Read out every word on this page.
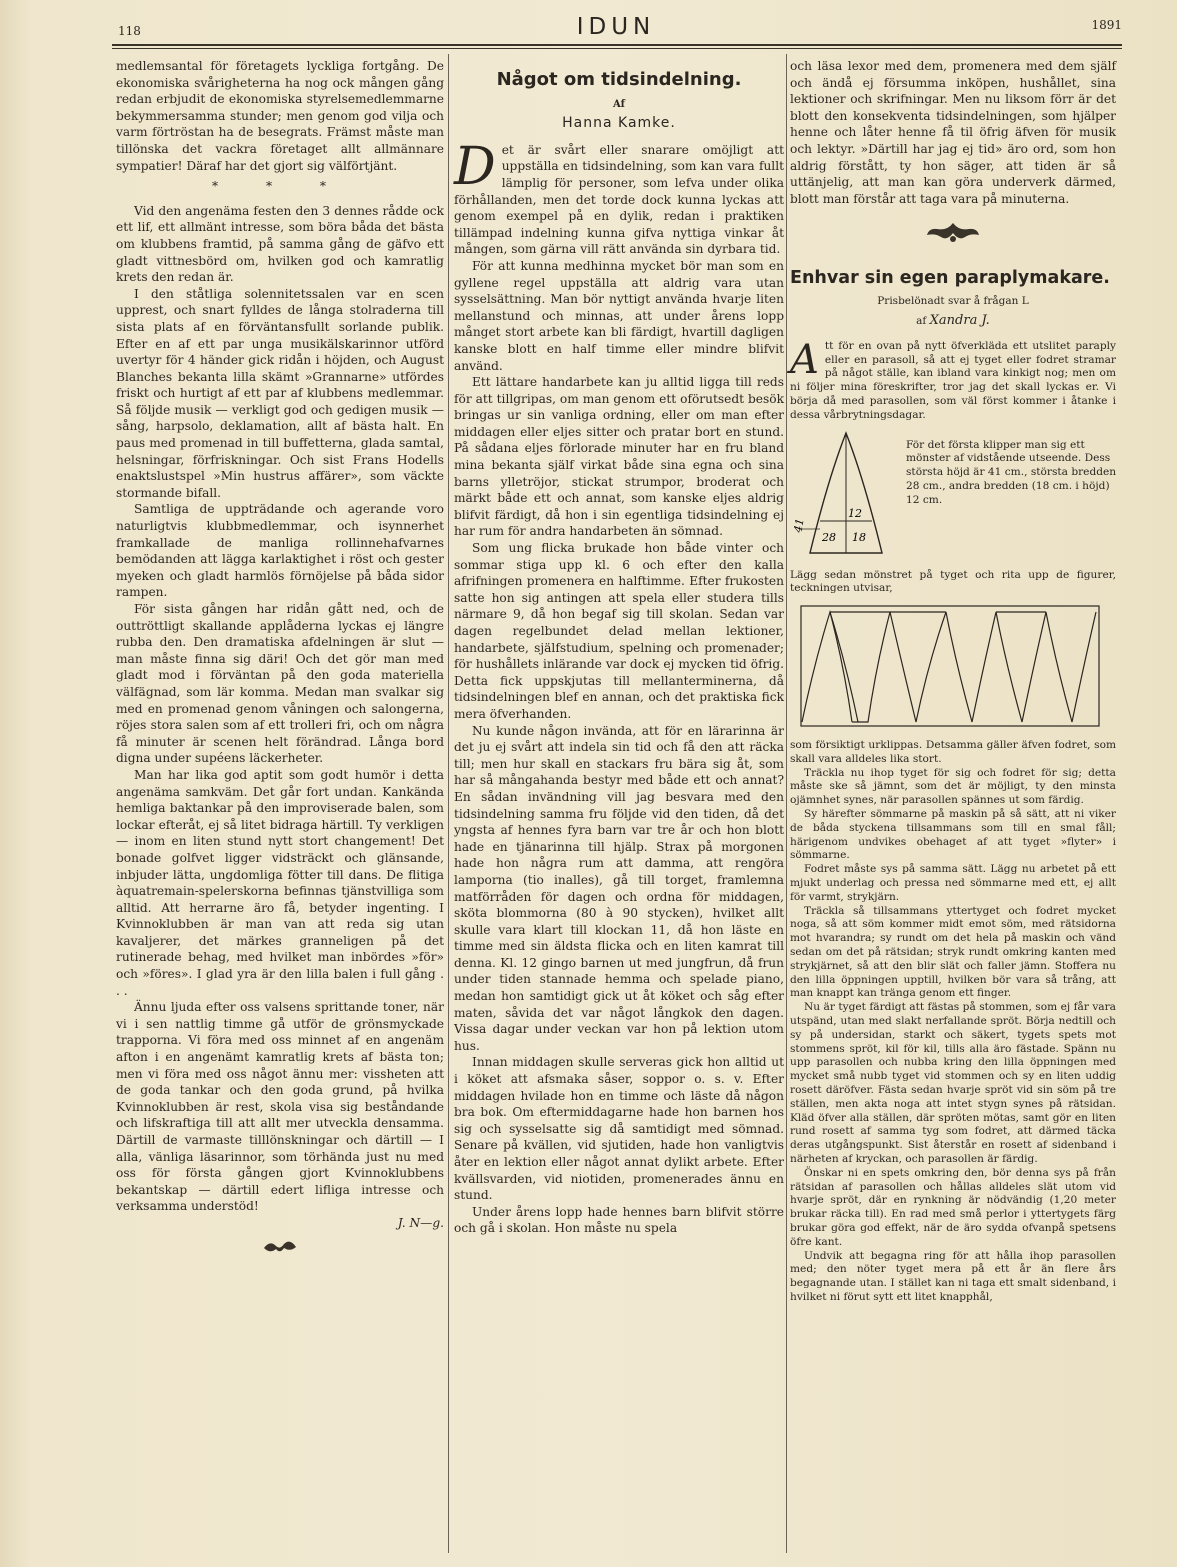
118	IDUN	1891

medlemsantal för företagets lyckliga fortgång. De ekonomiska svårigheterna ha nog ock mången gång redan erbjudit de ekonomiska styrelsemedlemmarne bekymmersamma stunder; men genom god vilja och varm förtröstan ha de besegrats. Främst måste man tillönska det vackra företaget allt allmännare sympatier! Däraf har det gjort sig välförtjänt.

* * *

Vid den angenäma festen den 3 dennes rådde ock ett lif, ett allmänt intresse, som böra båda det bästa om klubbens framtid, på samma gång de gäfvo ett gladt vittnesbörd om, hvilken god och kamratlig krets den redan är.

I den ståtliga solennitetssalen var en scen upprest, och snart fylldes de långa stolraderna till sista plats af en förväntansfullt sorlande publik. Efter en af ett par unga musikälskarinnor utförd uvertyr för 4 händer gick ridån i höjden, och August Blanches bekanta lilla skämt »Grannarne» utfördes friskt och hurtigt af ett par af klubbens medlemmar. Så följde musik — verkligt god och gedigen musik — sång, harpsolo, deklamation, allt af bästa halt. En paus med promenad in till buffetterna, glada samtal, helsningar, förfriskningar. Och sist Frans Hodells enaktslustspel »Min hustrus affärer», som väckte stormande bifall.

Samtliga de uppträdande och agerande voro naturligtvis klubbmedlemmar, och isynnerhet framkallade de manliga rollinnehafvarnes bemödanden att lägga karlaktighet i röst och gester myeken och gladt harmlös förnöjelse på båda sidor rampen.

För sista gången har ridån gått ned, och de outtröttligt skallande applåderna lyckas ej längre rubba den. Den dramatiska afdelningen är slut — man måste finna sig däri! Och det gör man med gladt mod i förväntan på den goda materiella välfägnad, som lär komma. Medan man svalkar sig med en promenad genom våningen och salongerna, röjes stora salen som af ett trolleri fri, och om några få minuter är scenen helt förändrad. Långa bord digna under supéens läckerheter.

Man har lika god aptit som godt humör i detta angenäma samkväm. Det går fort undan. Kankända hemliga baktankar på den improviserade balen, som lockar efteråt, ej så litet bidraga härtill. Ty verkligen — inom en liten stund nytt stort changement! Det bonade golfvet ligger vidsträckt och glänsande, inbjuder lätta, ungdomliga fötter till dans. De flitiga àquatremain-spelerskorna befinnas tjänstvilliga som alltid. Att herrarne äro få, betyder ingenting. I Kvinnoklubben är man van att reda sig utan kavaljerer, det märkes granneligen på det rutinerade behag, med hvilket man inbördes »för» och »föres». I glad yra är den lilla balen i full gång . . .

Ännu ljuda efter oss valsens sprittande toner, när vi i sen nattlig timme gå utför de grönsmyckade trapporna. Vi föra med oss minnet af en angenäm afton i en angenämt kamratlig krets af bästa ton; men vi föra med oss något ännu mer: vissheten att de goda tankar och den goda grund, på hvilka Kvinnoklubben är rest, skola visa sig beståndande och lifskraftiga till att allt mer utveckla densamma. Därtill de varmaste tilllönskningar och därtill — I alla, vänliga läsarinnor, som törhända just nu med oss för första gången gjort Kvinnoklubbens bekantskap — därtill edert lifliga intresse och verksamma understöd!

J. N—g.
Något om tidsindelning.
Af
Hanna Kamke.

Det är svårt eller snarare omöjligt att uppställa en tidsindelning, som kan vara fullt lämplig för personer, som lefva under olika förhållanden, men det torde dock kunna lyckas att genom exempel på en dylik, redan i praktiken tillämpad indelning kunna gifva nyttiga vinkar åt mången, som gärna vill rätt använda sin dyrbara tid.

För att kunna medhinna mycket bör man som en gyllene regel uppställa att aldrig vara utan sysselsättning. Man bör nyttigt använda hvarje liten mellanstund och minnas, att under årens lopp månget stort arbete kan bli färdigt, hvartill dagligen kanske blott en half timme eller mindre blifvit använd.

Ett lättare handarbete kan ju alltid ligga till reds för att tillgripas, om man genom ett oförutsedt besök bringas ur sin vanliga ordning, eller om man efter middagen eller eljes sitter och pratar bort en stund. På sådana eljes förlorade minuter har en fru bland mina bekanta själf virkat både sina egna och sina barns ylletröjor, stickat strumpor, broderat och märkt både ett och annat, som kanske eljes aldrig blifvit färdigt, då hon i sin egentliga tidsindelning ej har rum för andra handarbeten än sömnad.

Som ung flicka brukade hon både vinter och sommar stiga upp kl. 6 och efter den kalla afrifningen promenera en halftimme. Efter frukosten satte hon sig antingen att spela eller studera tills närmare 9, då hon begaf sig till skolan. Sedan var dagen regelbundet delad mellan lektioner, handarbete, själfstudium, spelning och promenader; för hushållets inlärande var dock ej mycken tid öfrig. Detta fick uppskjutas till mellanterminerna, då tidsindelningen blef en annan, och det praktiska fick mera öfverhanden.

Nu kunde någon invända, att för en lärarinna är det ju ej svårt att indela sin tid och få den att räcka till; men hur skall en stackars fru bära sig åt, som har så mångahanda bestyr med både ett och annat? En sådan invändning vill jag besvara med den tidsindelning samma fru följde vid den tiden, då det yngsta af hennes fyra barn var tre år och hon blott hade en tjänarinna till hjälp. Strax på morgonen hade hon några rum att damma, att rengöra lamporna (tio inalles), gå till torget, framlemna matförråden för dagen och ordna för middagen, sköta blommorna (80 à 90 stycken), hvilket allt skulle vara klart till klockan 11, då hon läste en timme med sin äldsta flicka och en liten kamrat till denna. Kl. 12 gingo barnen ut med jungfrun, då frun under tiden stannade hemma och spelade piano, medan hon samtidigt gick ut åt köket och såg efter maten, såvida det var något långkok den dagen. Vissa dagar under veckan var hon på lektion utom hus.

Innan middagen skulle serveras gick hon alltid ut i köket att afsmaka såser, soppor o. s. v. Efter middagen hvilade hon en timme och läste då någon bra bok. Om eftermiddagarne hade hon barnen hos sig och sysselsatte sig då samtidigt med sömnad. Senare på kvällen, vid sjutiden, hade hon vanligtvis åter en lektion eller något annat dylikt arbete. Efter kvällsvarden, vid niotiden, promenerades ännu en stund.

Under årens lopp hade hennes barn blifvit större och gå i skolan. Hon måste nu spela

och läsa lexor med dem, promenera med dem själf och ändå ej försumma inköpen, hushållet, sina lektioner och skrifningar. Men nu liksom förr är det blott den konsekventa tidsindelningen, som hjälper henne och låter henne få til öfrig äfven för musik och lektyr. »Därtill har jag ej tid» äro ord, som hon aldrig förstått, ty hon säger, att tiden är så uttänjelig, att man kan göra underverk därmed, blott man förstår att taga vara på minuterna.

Enhvar sin egen paraplymakare.
Prisbelönadt svar å frågan L
af Xandra J.

Att för en ovan på nytt öfverkläda ett utslitet paraply eller en parasoll, så att ej tyget eller fodret stramar på något ställe, kan ibland vara kinkigt nog; men om ni följer mina föreskrifter, tror jag det skall lyckas er. Vi börja då med parasollen, som väl först kommer i åtanke i dessa vårbrytningsdagar.

12
41
28 18
För det första klipper man sig ett mönster af vidstående utseende. Dess största höjd är 41 cm., största bredden 28 cm., andra bredden (18 cm. i höjd) 12 cm.

Lägg sedan mönstret på tyget och rita upp de figurer, teckningen utvisar,

som försiktigt urklippas. Detsamma gäller äfven fodret, som skall vara alldeles lika stort.

Träckla nu ihop tyget för sig och fodret för sig; detta måste ske så jämnt, som det är möjligt, ty den minsta ojämnhet synes, när parasollen spännes ut som färdig.

Sy härefter sömmarne på maskin på så sätt, att ni viker de båda styckena tillsammans som till en smal fåll; härigenom undvikes obehaget af att tyget »flyter» i sömmarne.

Fodret måste sys på samma sätt. Lägg nu arbetet på ett mjukt underlag och pressa ned sömmarne med ett, ej allt för varmt, strykjärn.

Träckla så tillsammans yttertyget och fodret mycket noga, så att söm kommer midt emot söm, med rätsidorna mot hvarandra; sy rundt om det hela på maskin och vänd sedan om det på rätsidan; stryk rundt omkring kanten med strykjärnet, så att den blir slät och faller jämn. Stofferа nu den lilla öppningen upptill, hvilken bör vara så trång, att man knappt kan tränga genom ett finger.

Nu är tyget färdigt att fästas på stommen, som ej får vara utspänd, utan med slakt nerfallande spröt. Börja nedtill och sy på undersidan, starkt och säkert, tygets spets mot stommens spröt, kil för kil, tills alla äro fästade. Spänn nu upp parasollen och nubba kring den lilla öppningen med mycket små nubb tyget vid stommen och sy en liten uddig rosett däröfver. Fästa sedan hvarje spröt vid sin söm på tre ställen, men akta noga att intet stygn synes på rätsidan. Kläd öfver alla ställen, där spröten mötas, samt gör en liten rund rosett af samma tyg som fodret, att därmed täcka deras utgångspunkt. Sist återstår en rosett af sidenband i närheten af kryckan, och parasollen är färdig.

Önskar ni en spets omkring den, bör denna sys på från rätsidan af parasollen och hållas alldeles slät utom vid hvarje spröt, där en rynkning är nödvändig (1,20 meter brukar räcka till). En rad med små perlor i yttertygets färg brukar göra god effekt, när de äro sydda ofvanpå spetsens öfre kant.

Undvik att begagna ring för att hålla ihop parasollen med; den nöter tyget mera på ett år än flere års begagnande utan. I stället kan ni taga ett smalt sidenband, i hvilket ni förut sytt ett litet knapphål,
